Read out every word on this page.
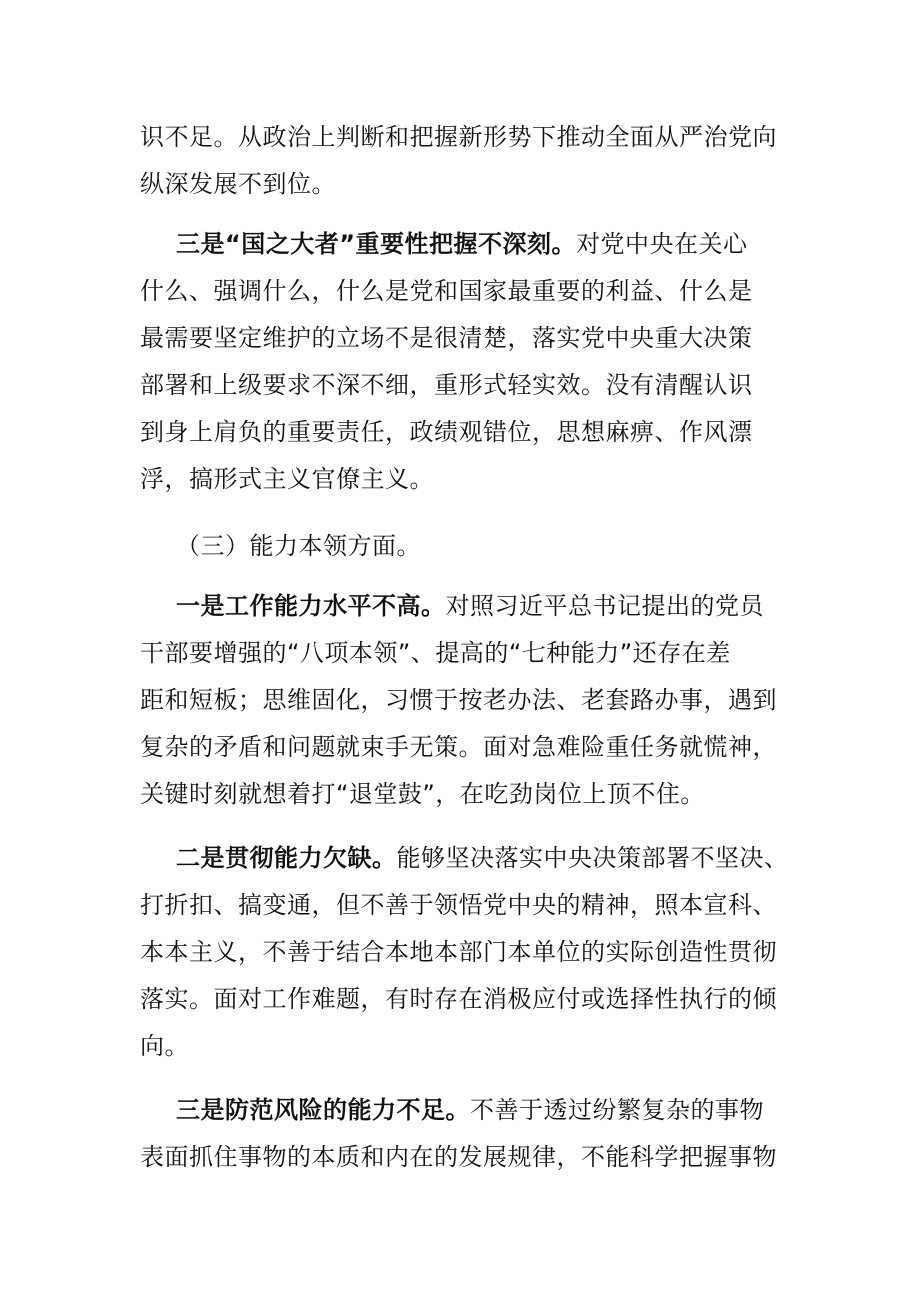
识不足。从政治上判断和把握新形势下推动全面从严治党向
纵深发展不到位。
三是“国之大者”重要性把握不深刻。对党中央在关心
什么、强调什么，什么是党和国家最重要的利益、什么是
最需要坚定维护的立场不是很清楚，落实党中央重大决策
部署和上级要求不深不细，重形式轻实效。没有清醒认识
到身上肩负的重要责任，政绩观错位，思想麻痹、作风漂
浮，搞形式主义官僚主义。
（三）能力本领方面。
一是工作能力水平不高。对照习近平总书记提出的党员
干部要增强的“八项本领”、提高的“七种能力”还存在差
距和短板；思维固化，习惯于按老办法、老套路办事，遇到
复杂的矛盾和问题就束手无策。面对急难险重任务就慌神，
关键时刻就想着打“退堂鼓”，在吃劲岗位上顶不住。
二是贯彻能力欠缺。能够坚决落实中央决策部署不坚决、
打折扣、搞变通，但不善于领悟党中央的精神，照本宣科、
本本主义，不善于结合本地本部门本单位的实际创造性贯彻
落实。面对工作难题，有时存在消极应付或选择性执行的倾
向。
三是防范风险的能力不足。不善于透过纷繁复杂的事物
表面抓住事物的本质和内在的发展规律，不能科学把握事物
